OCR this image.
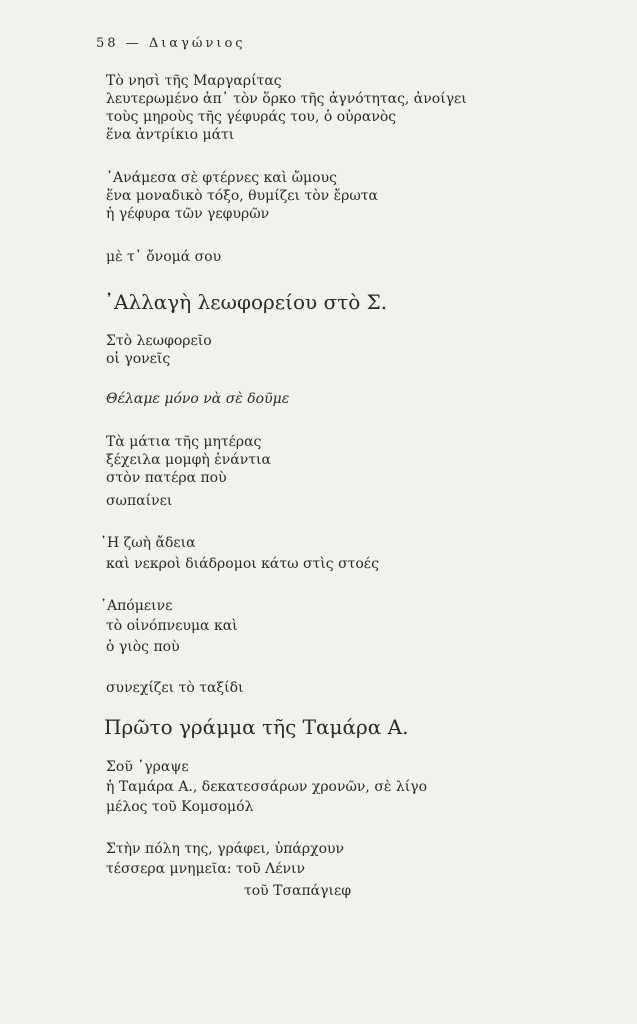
58 — Διαγώνιος
Τὸ νησὶ τῆς Μαργαρίτας
λευτερωμένο ἀπ᾿ τὸν ὅρκο τῆς ἀγνότητας, ἀνοίγει
τοὺς μηροὺς τῆς γέφυράς του, ὁ οὐρανὸς
ἕνα ἀντρίκιο μάτι
᾿Ανάμεσα σὲ φτέρνες καὶ ὤμους
ἕνα μοναδικὸ τόξο, θυμίζει τὸν ἔρωτα
ἡ γέφυρα τῶν γεφυρῶν
μὲ τ᾿ ὄνομά σου
᾿Αλλαγὴ λεωφορείου στὸ Σ.
Στὸ λεωφορεῖο
οἱ γονεῖς
Θέλαμε μόνο νὰ σὲ δοῦμε
Τὰ μάτια τῆς μητέρας
ξέχειλα μομφὴ ἐνάντια
στὸν πατέρα ποὺ
σωπαίνει
῾Η ζωὴ ἄδεια
καὶ νεκροὶ διάδρομοι κάτω στὶς στοές
᾿Απόμεινε
τὸ οἰνόπνευμα καὶ
ὁ γιὸς ποὺ
συνεχίζει τὸ ταξίδι
Πρῶτο γράμμα τῆς Ταμάρα Α.
Σοῦ ᾿γραψε
ἡ Ταμάρα Α., δεκατεσσάρων χρονῶν, σὲ λίγο
μέλος τοῦ Κομσομόλ
Στὴν πόλη της, γράφει, ὑπάρχουν
τέσσερα μνημεῖα: τοῦ Λένιν
τοῦ Τσαπάγιεφ
